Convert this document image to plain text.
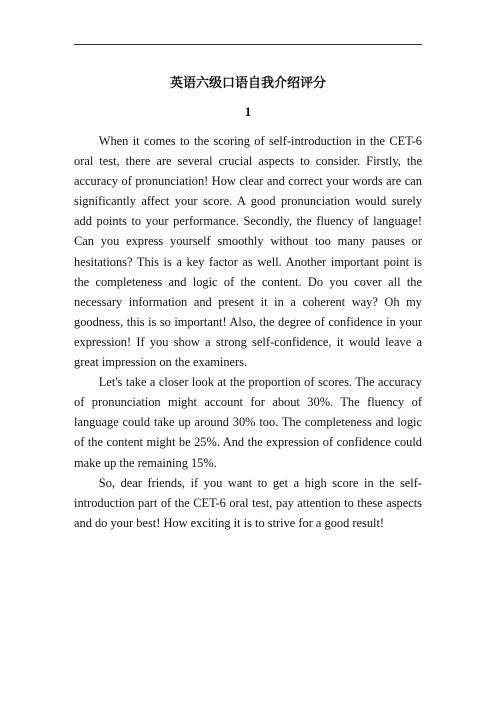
英语六级口语自我介绍评分
1

When it comes to the scoring of self-introduction in the CET-6 oral test, there are several crucial aspects to consider. Firstly, the accuracy of pronunciation! How clear and correct your words are can significantly affect your score. A good pronunciation would surely add points to your performance. Secondly, the fluency of language! Can you express yourself smoothly without too many pauses or hesitations? This is a key factor as well. Another important point is the completeness and logic of the content. Do you cover all the necessary information and present it in a coherent way? Oh my goodness, this is so important! Also, the degree of confidence in your expression! If you show a strong self-confidence, it would leave a great impression on the examiners.

Let's take a closer look at the proportion of scores. The accuracy of pronunciation might account for about 30%. The fluency of language could take up around 30% too. The completeness and logic of the content might be 25%. And the expression of confidence could make up the remaining 15%.

So, dear friends, if you want to get a high score in the self-introduction part of the CET-6 oral test, pay attention to these aspects and do your best! How exciting it is to strive for a good result!
